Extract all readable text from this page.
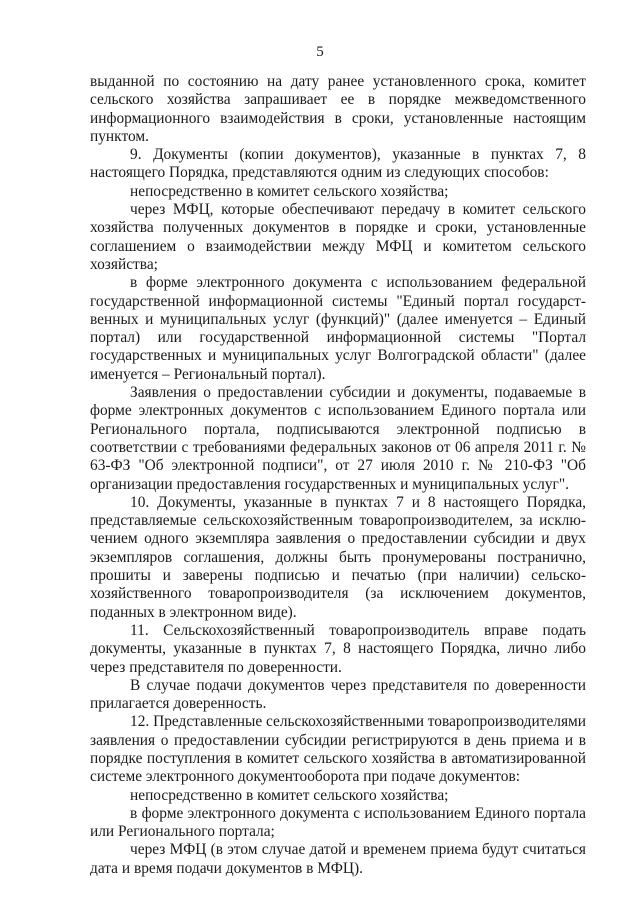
5

выданной по состоянию на дату ранее установленного срока, комитет сельского хозяйства запрашивает ее в порядке межведомственного информационного взаимодействия в сроки, установленные настоящим пунктом.

9. Документы (копии документов), указанные в пунктах 7, 8 настоящего Порядка, представляются одним из следующих способов:

непосредственно в комитет сельского хозяйства;

через МФЦ, которые обеспечивают передачу в комитет сельского хозяйства полученных документов в порядке и сроки, установленные соглашением о взаимодействии между МФЦ и комитетом сельского хозяйства;

в форме электронного документа с использованием федеральной государственной информационной системы "Единый портал государственных и муниципальных услуг (функций)" (далее именуется – Единый портал) или государственной информационной системы "Портал государственных и муниципальных услуг Волгоградской области" (далее именуется – Региональный портал).

Заявления о предоставлении субсидии и документы, подаваемые в форме электронных документов с использованием Единого портала или Регионального портала, подписываются электронной подписью в соответствии с требованиями федеральных законов от 06 апреля 2011 г. № 63-ФЗ "Об электронной подписи", от 27 июля 2010 г. № 210-ФЗ "Об организации предоставления государственных и муниципальных услуг".

10. Документы, указанные в пунктах 7 и 8 настоящего Порядка, представляемые сельскохозяйственным товаропроизводителем, за исключением одного экземпляра заявления о предоставлении субсидии и двух экземпляров соглашения, должны быть пронумерованы постранично, прошиты и заверены подписью и печатью (при наличии) сельскохозяйственного товаропроизводителя (за исключением документов, поданных в электронном виде).

11. Сельскохозяйственный товаропроизводитель вправе подать документы, указанные в пунктах 7, 8 настоящего Порядка, лично либо через представителя по доверенности.

В случае подачи документов через представителя по доверенности прилагается доверенность.

12. Представленные сельскохозяйственными товаропроизводителями заявления о предоставлении субсидии регистрируются в день приема и в порядке поступления в комитет сельского хозяйства в автоматизированной системе электронного документооборота при подаче документов:

непосредственно в комитет сельского хозяйства;

в форме электронного документа с использованием Единого портала или Регионального портала;

через МФЦ (в этом случае датой и временем приема будут считаться дата и время подачи документов в МФЦ).
